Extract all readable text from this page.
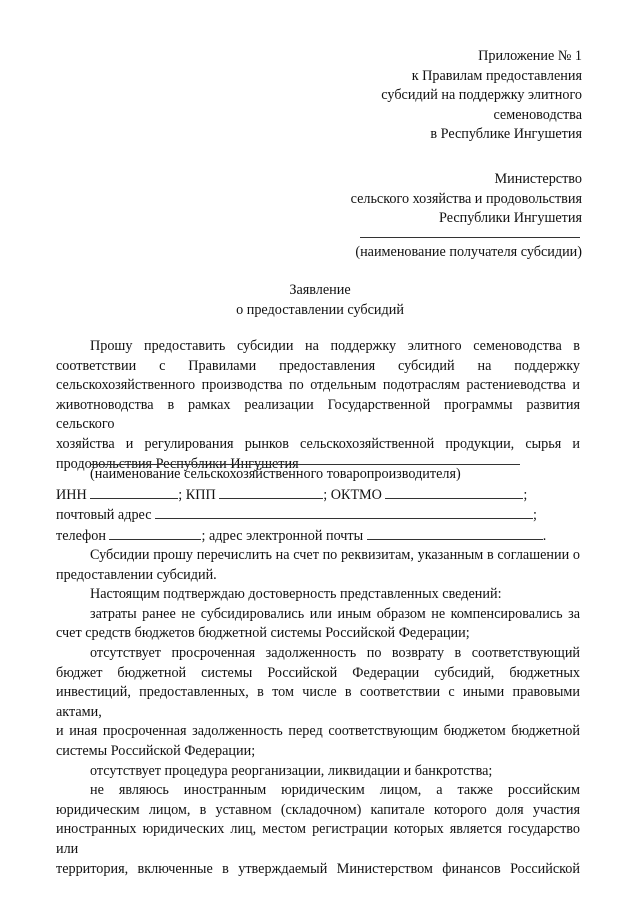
Приложение № 1
к Правилам предоставления
субсидий на поддержку элитного
семеноводства
в Республике Ингушетия
Министерство
сельского хозяйства и продовольствия
Республики Ингушетия
(наименование получателя субсидии)
Заявление
о предоставлении субсидий
Прошу предоставить субсидии на поддержку элитного семеноводства в
соответствии с Правилами предоставления субсидий на поддержку
сельскохозяйственного производства по отдельным подотраслям растениеводства и
животноводства в рамках реализации Государственной программы развития сельского
хозяйства и регулирования рынков сельскохозяйственной продукции, сырья и
продовольствия Республики Ингушетия
(наименование сельскохозяйственного товаропроизводителя)
ИНН	; КПП	; ОКТМО	;
почтовый адрес	;
телефон	; адрес электронной почты	.
Субсидии прошу перечислить на счет по реквизитам, указанным в соглашении о
предоставлении субсидий.
Настоящим подтверждаю достоверность представленных сведений:
затраты ранее не субсидировались или иным образом не компенсировались за
счет средств бюджетов бюджетной системы Российской Федерации;
отсутствует просроченная задолженность по возврату в соответствующий
бюджет бюджетной системы Российской Федерации субсидий, бюджетных
инвестиций, предоставленных, в том числе в соответствии с иными правовыми актами,
и иная просроченная задолженность перед соответствующим бюджетом бюджетной
системы Российской Федерации;
отсутствует процедура реорганизации, ликвидации и банкротства;
не являюсь иностранным юридическим лицом, а также российским
юридическим лицом, в уставном (складочном) капитале которого доля участия
иностранных юридических лиц, местом регистрации которых является государство или
территория, включенные в утверждаемый Министерством финансов Российской
